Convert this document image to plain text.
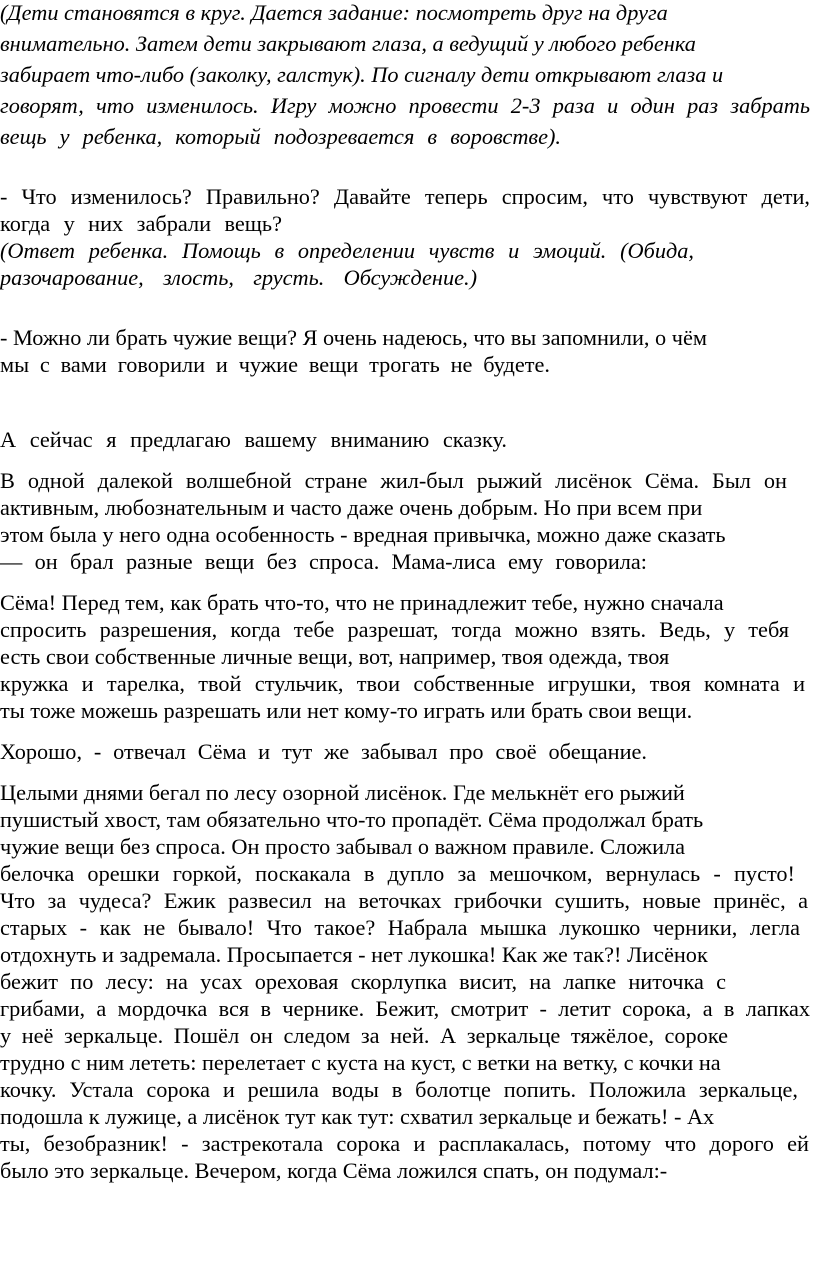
(Дети становятся в круг. Дается задание: посмотреть друг на друга
внимательно. Затем дети закрывают глаза, а ведущий у любого ребенка
забирает что-либо (заколку, галстук). По сигналу дети открывают глаза и
говорят, что изменилось. Игру можно провести 2-3 раза и один раз забрать
вещь у ребенка, который подозревается в воровстве).
- Что изменилось? Правильно? Давайте теперь спросим, что чувствуют дети,
когда у них забрали вещь?
(Ответ ребенка. Помощь в определении чувств и эмоций. (Обида,
разочарование, злость, грусть. Обсуждение.)
- Можно ли брать чужие вещи? Я очень надеюсь, что вы запомнили, о чём
мы с вами говорили и чужие вещи трогать не будете.
А сейчас я предлагаю вашему вниманию сказку.
В одной далекой волшебной стране жил-был рыжий лисёнок Сёма. Был он
активным, любознательным и часто даже очень добрым. Но при всем при
этом была у него одна особенность - вредная привычка, можно даже сказать
— он брал разные вещи без спроса. Мама-лиса ему говорила:
Сёма! Перед тем, как брать что-то, что не принадлежит тебе, нужно сначала
спросить разрешения, когда тебе разрешат, тогда можно взять. Ведь, у тебя
есть свои собственные личные вещи, вот, например, твоя одежда, твоя
кружка и тарелка, твой стульчик, твои собственные игрушки, твоя комната и
ты тоже можешь разрешать или нет кому-то играть или брать свои вещи.
Хорошо, - отвечал Сёма и тут же забывал про своё обещание.
Целыми днями бегал по лесу озорной лисёнок. Где мелькнёт его рыжий
пушистый хвост, там обязательно что-то пропадёт. Сёма продолжал брать
чужие вещи без спроса. Он просто забывал о важном правиле. Сложила
белочка орешки горкой, поскакала в дупло за мешочком, вернулась - пусто!
Что за чудеса? Ежик развесил на веточках грибочки сушить, новые принёс, а
старых - как не бывало! Что такое? Набрала мышка лукошко черники, легла
отдохнуть и задремала. Просыпается - нет лукошка! Как же так?! Лисёнок
бежит по лесу: на усах ореховая скорлупка висит, на лапке ниточка с
грибами, а мордочка вся в чернике. Бежит, смотрит - летит сорока, а в лапках
у неё зеркальце. Пошёл он следом за ней. А зеркальце тяжёлое, сороке
трудно с ним лететь: перелетает с куста на куст, с ветки на ветку, с кочки на
кочку. Устала сорока и решила воды в болотце попить. Положила зеркальце,
подошла к лужице, а лисёнок тут как тут: схватил зеркальце и бежать! - Ах
ты, безобразник! - застрекотала сорока и расплакалась, потому что дорого ей
было это зеркальце. Вечером, когда Сёма ложился спать, он подумал:-
